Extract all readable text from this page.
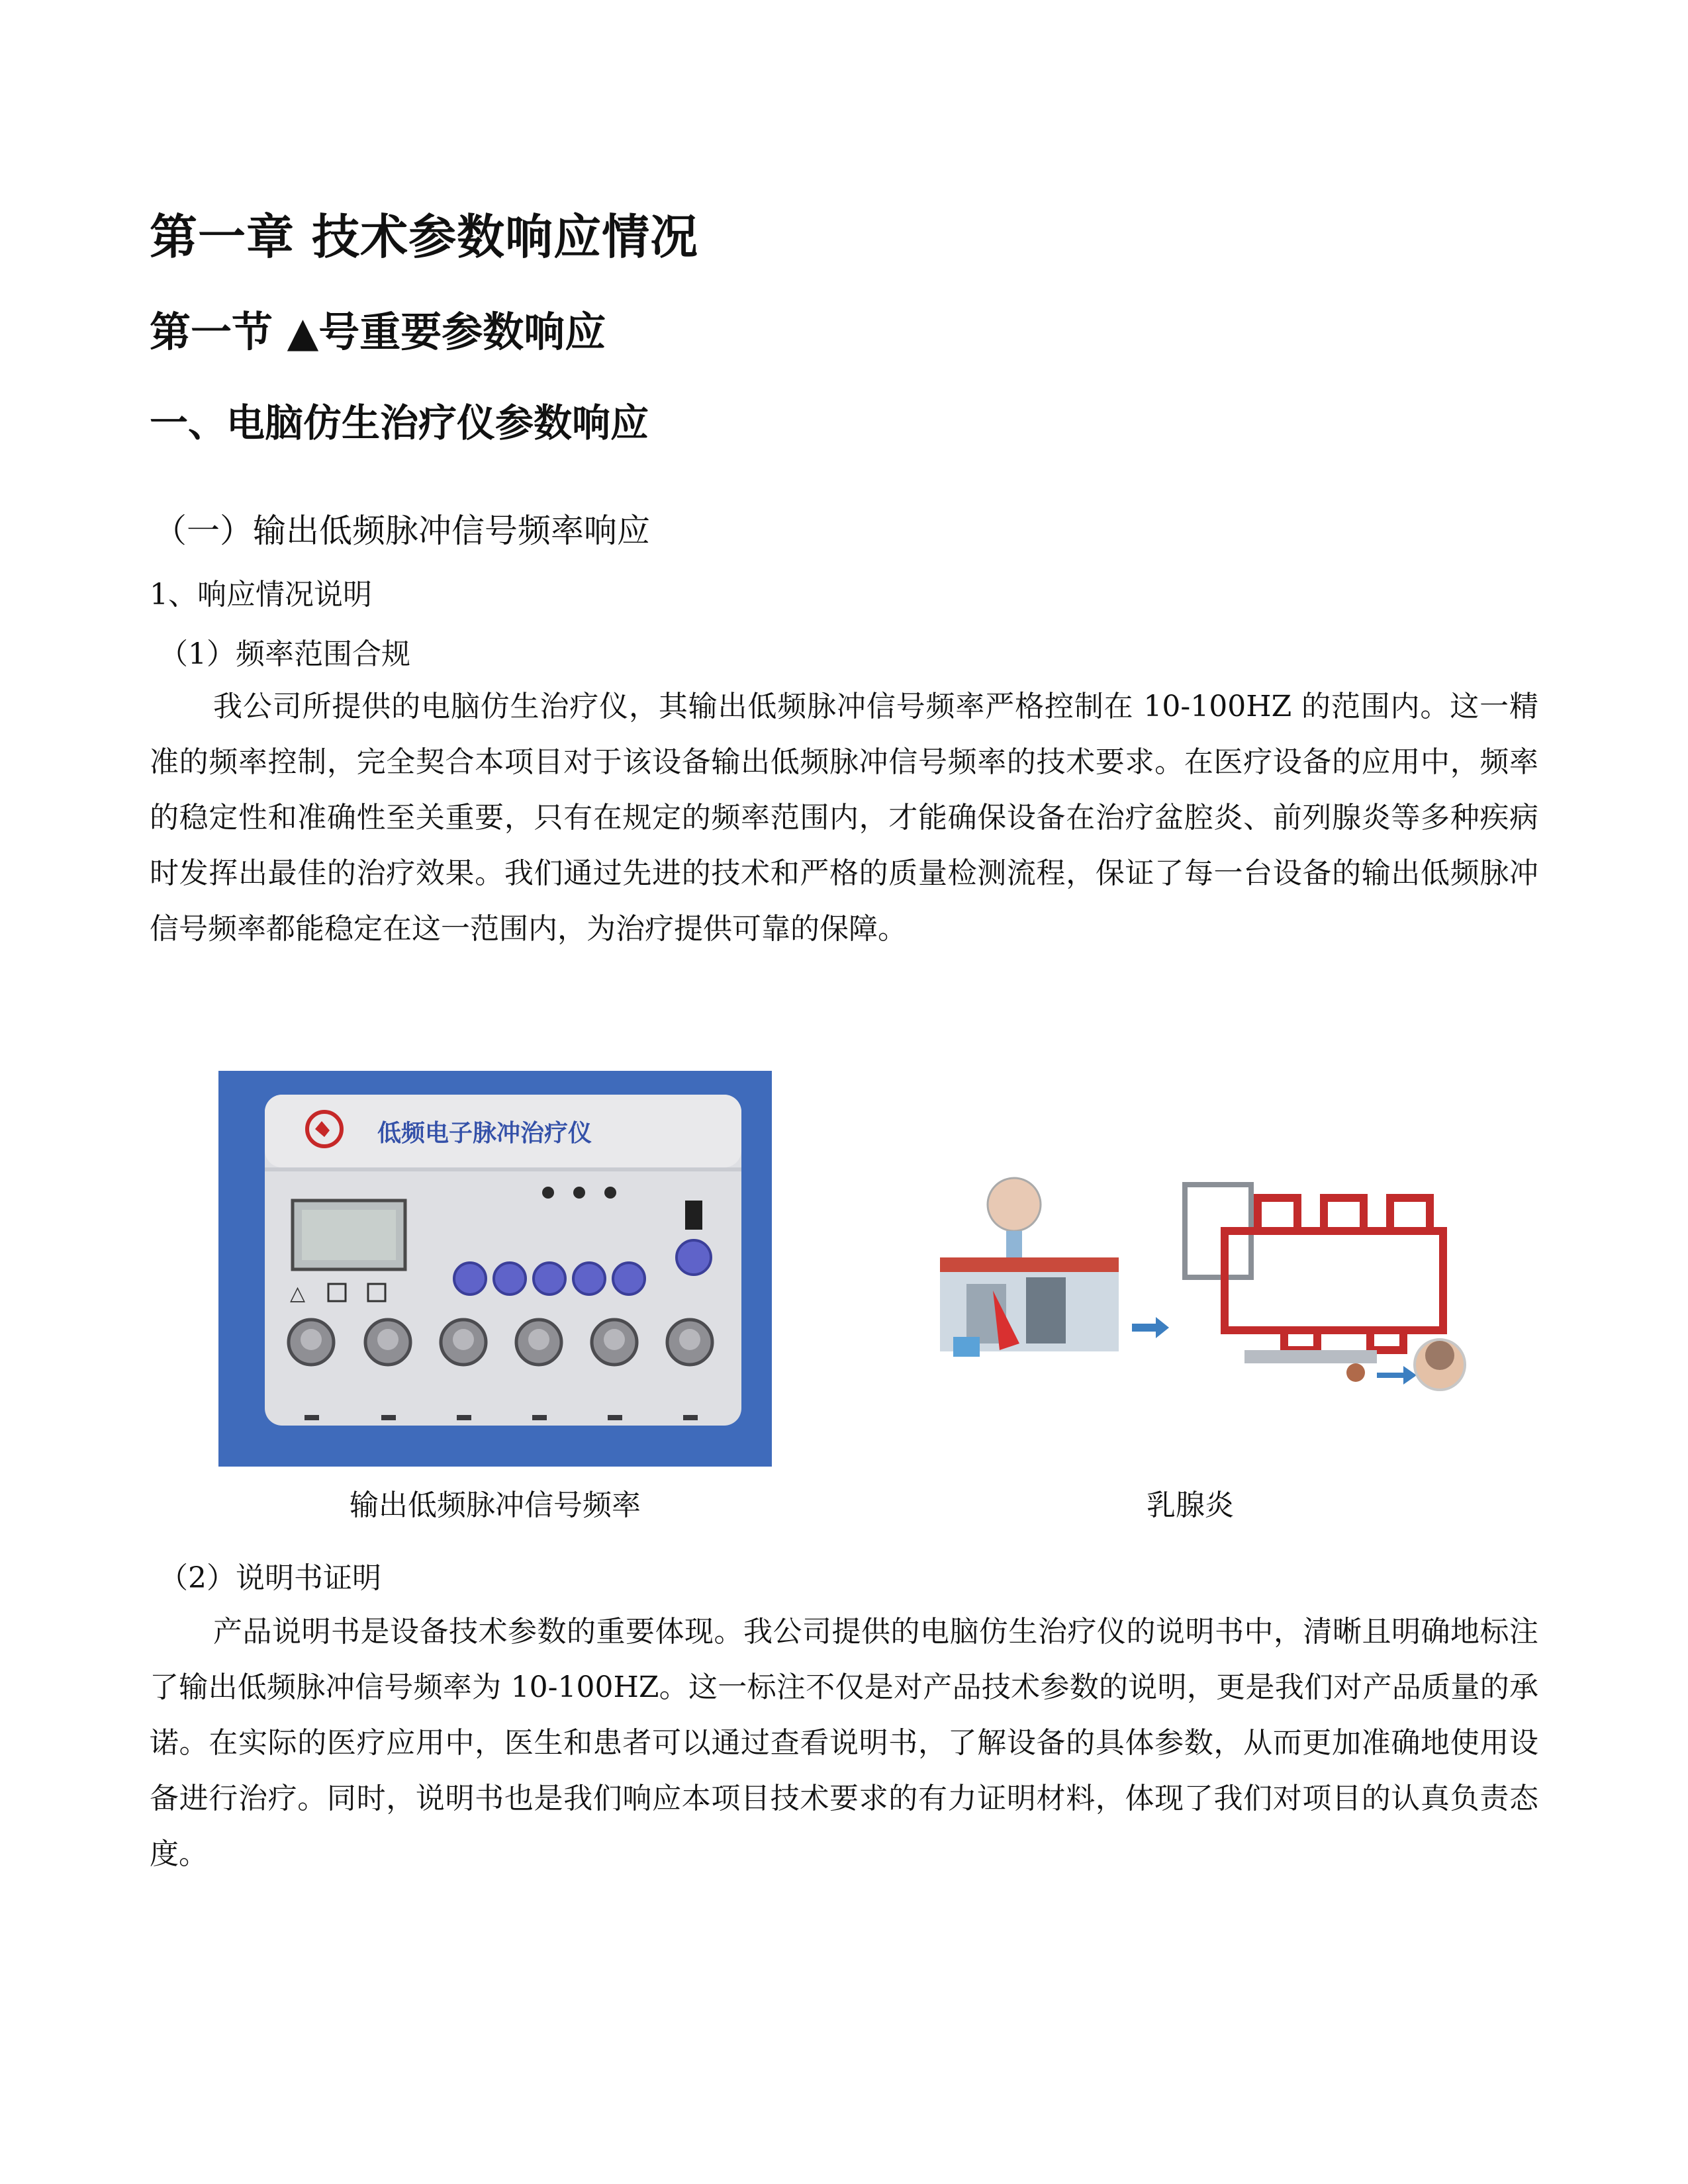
第一章 技术参数响应情况
第一节 ▲号重要参数响应
一、电脑仿生治疗仪参数响应
（一）输出低频脉冲信号频率响应
1、响应情况说明
（1）频率范围合规
我公司所提供的电脑仿生治疗仪，其输出低频脉冲信号频率严格控制在 10-100HZ 的范围内。这一精准的频率控制，完全契合本项目对于该设备输出低频脉冲信号频率的技术要求。在医疗设备的应用中，频率的稳定性和准确性至关重要，只有在规定的频率范围内，才能确保设备在治疗盆腔炎、前列腺炎等多种疾病时发挥出最佳的治疗效果。我们通过先进的技术和严格的质量检测流程，保证了每一台设备的输出低频脉冲信号频率都能稳定在这一范围内，为治疗提供可靠的保障。
低频电子脉冲治疗仪
△
输出低频脉冲信号频率	乳腺炎
（2）说明书证明
产品说明书是设备技术参数的重要体现。我公司提供的电脑仿生治疗仪的说明书中，清晰且明确地标注了输出低频脉冲信号频率为 10-100HZ。这一标注不仅是对产品技术参数的说明，更是我们对产品质量的承诺。在实际的医疗应用中，医生和患者可以通过查看说明书，了解设备的具体参数，从而更加准确地使用设备进行治疗。同时，说明书也是我们响应本项目技术要求的有力证明材料，体现了我们对项目的认真负责态度。
